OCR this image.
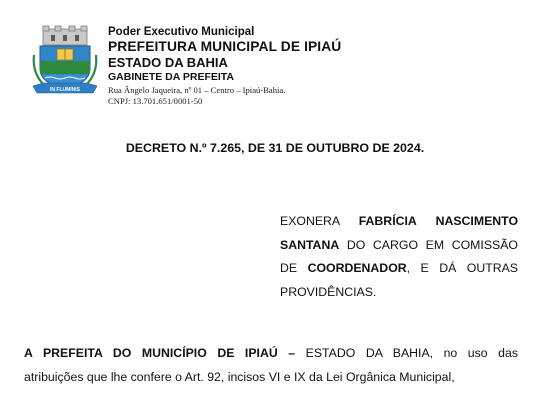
IN FLUMINIS
Poder Executivo Municipal
PREFEITURA MUNICIPAL DE IPIAÚ
ESTADO DA BAHIA
GABINETE DA PREFEITA
Rua Ângelo Jaqueira, nº 01 – Centro – Ipiaú-Bahia.
CNPJ: 13.701.651/0001-50
DECRETO N.º 7.265, DE 31 DE OUTUBRO DE 2024.
EXONERA FABRÍCIA NASCIMENTO
SANTANA DO CARGO EM COMISSÃO
DE COORDENADOR, E DÁ OUTRAS
PROVIDÊNCIAS.
A PREFEITA DO MUNICÍPIO DE IPIAÚ – ESTADO DA BAHIA, no uso das
atribuições que lhe confere o Art. 92, incisos VI e IX da Lei Orgânica Municipal,
